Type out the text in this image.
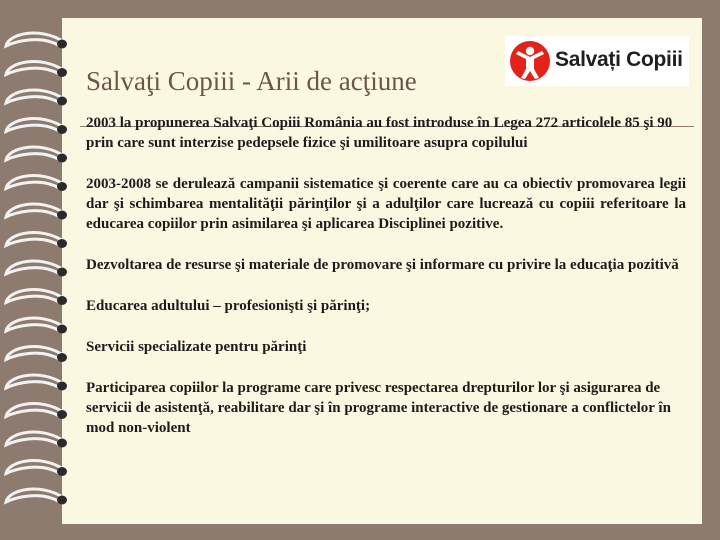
Salvaţi Copiii - Arii de acţiune
Salvați Copiii

2003 la propunerea Salvaţi Copiii România au fost introduse în Legea 272 articolele 85 şi 90 prin care sunt interzise pedepsele fizice şi umilitoare asupra copilului

2003-2008 se derulează campanii sistematice şi coerente care au ca obiectiv promovarea legii dar şi schimbarea mentalităţii părinţilor şi a adulţilor care lucrează cu copiii referitoare la educarea copiilor prin asimilarea şi aplicarea Disciplinei pozitive.

Dezvoltarea de resurse şi materiale de promovare şi informare cu privire la educaţia pozitivă

Educarea adultului – profesionişti şi părinţi;

Servicii specializate pentru părinţi

Participarea copiilor la programe care privesc respectarea drepturilor lor şi asigurarea de servicii de asistenţă, reabilitare dar şi în programe interactive de gestionare a conflictelor în mod non-violent
